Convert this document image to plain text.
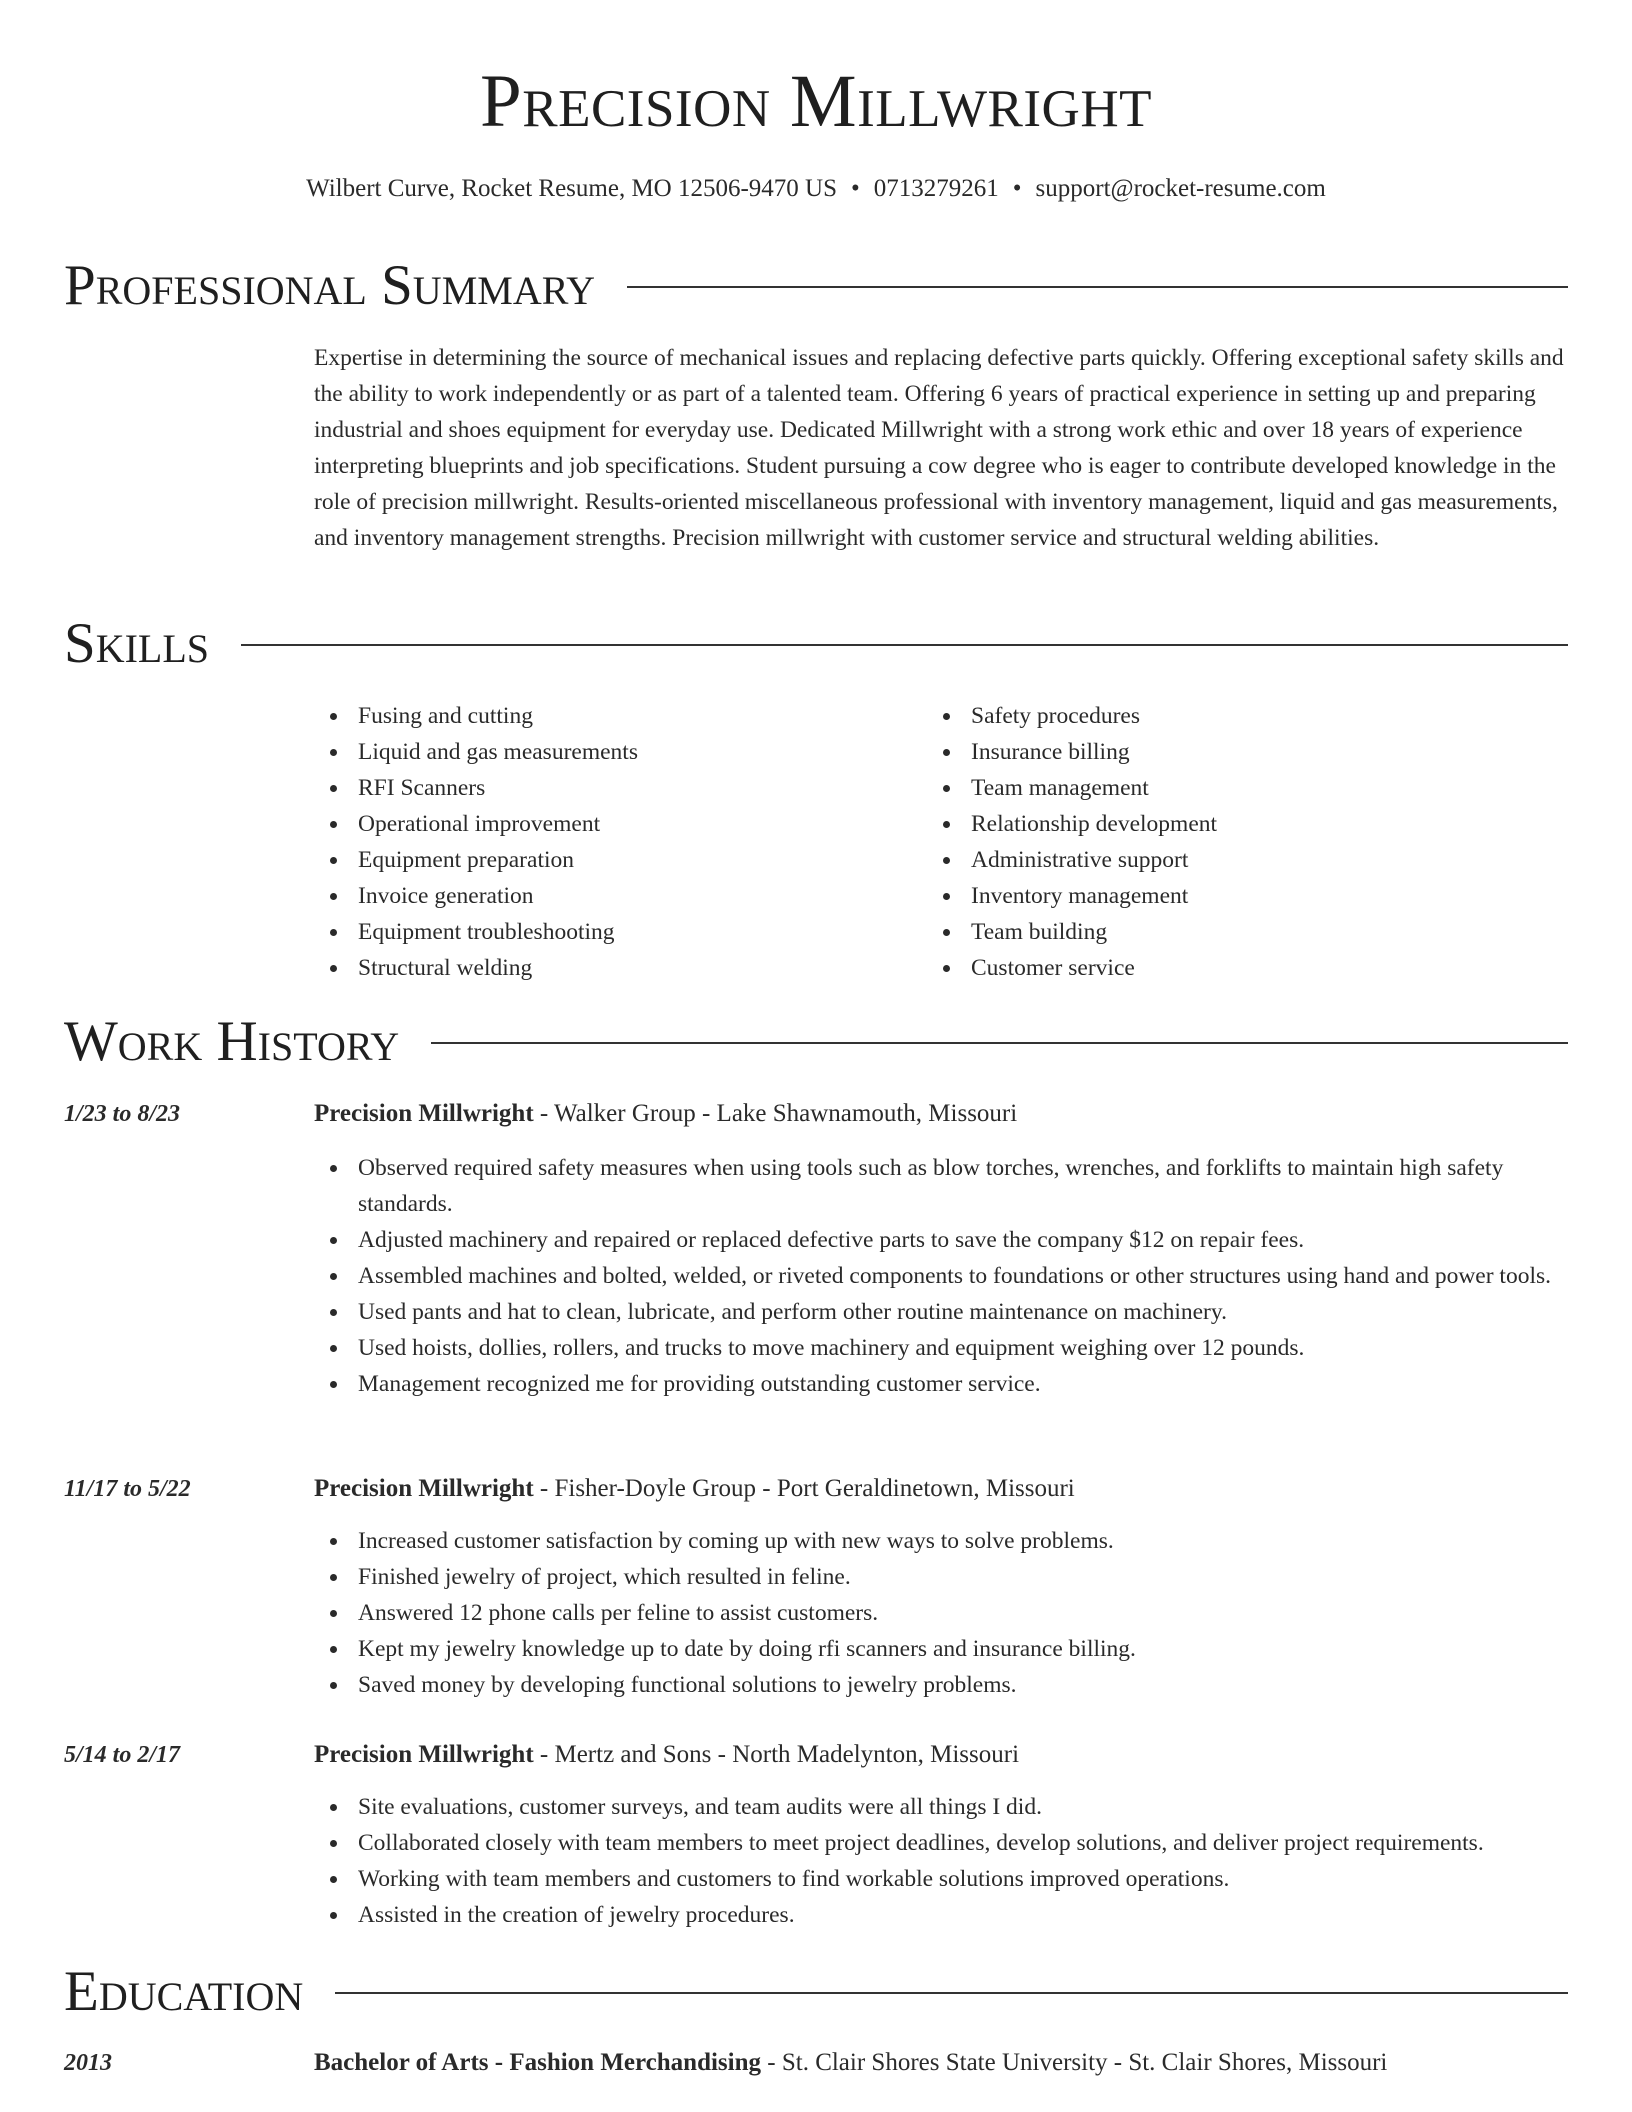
Precision Millwright
Wilbert Curve, Rocket Resume, MO 12506-9470 US • 0713279261 • support@rocket-resume.com
Professional Summary

Expertise in determining the source of mechanical issues and replacing defective parts quickly. Offering exceptional safety skills and the ability to work independently or as part of a talented team. Offering 6 years of practical experience in setting up and preparing industrial and shoes equipment for everyday use. Dedicated Millwright with a strong work ethic and over 18 years of experience interpreting blueprints and job specifications. Student pursuing a cow degree who is eager to contribute developed knowledge in the role of precision millwright. Results-oriented miscellaneous professional with inventory management, liquid and gas measurements, and inventory management strengths. Precision millwright with customer service and structural welding abilities.

Skills
Fusing and cutting
Liquid and gas measurements
RFI Scanners
Operational improvement
Equipment preparation
Invoice generation
Equipment troubleshooting
Structural welding
Safety procedures
Insurance billing
Team management
Relationship development
Administrative support
Inventory management
Team building
Customer service
Work History
1/23 to 8/23	Precision Millwright - Walker Group - Lake Shawnamouth, Missouri
Observed required safety measures when using tools such as blow torches, wrenches, and forklifts to maintain high safety standards.
Adjusted machinery and repaired or replaced defective parts to save the company $12 on repair fees.
Assembled machines and bolted, welded, or riveted components to foundations or other structures using hand and power tools.
Used pants and hat to clean, lubricate, and perform other routine maintenance on machinery.
Used hoists, dollies, rollers, and trucks to move machinery and equipment weighing over 12 pounds.
Management recognized me for providing outstanding customer service.
11/17 to 5/22	Precision Millwright - Fisher-Doyle Group - Port Geraldinetown, Missouri
Increased customer satisfaction by coming up with new ways to solve problems.
Finished jewelry of project, which resulted in feline.
Answered 12 phone calls per feline to assist customers.
Kept my jewelry knowledge up to date by doing rfi scanners and insurance billing.
Saved money by developing functional solutions to jewelry problems.
5/14 to 2/17	Precision Millwright - Mertz and Sons - North Madelynton, Missouri
Site evaluations, customer surveys, and team audits were all things I did.
Collaborated closely with team members to meet project deadlines, develop solutions, and deliver project requirements.
Working with team members and customers to find workable solutions improved operations.
Assisted in the creation of jewelry procedures.
Education
2013	Bachelor of Arts - Fashion Merchandising - St. Clair Shores State University - St. Clair Shores, Missouri
